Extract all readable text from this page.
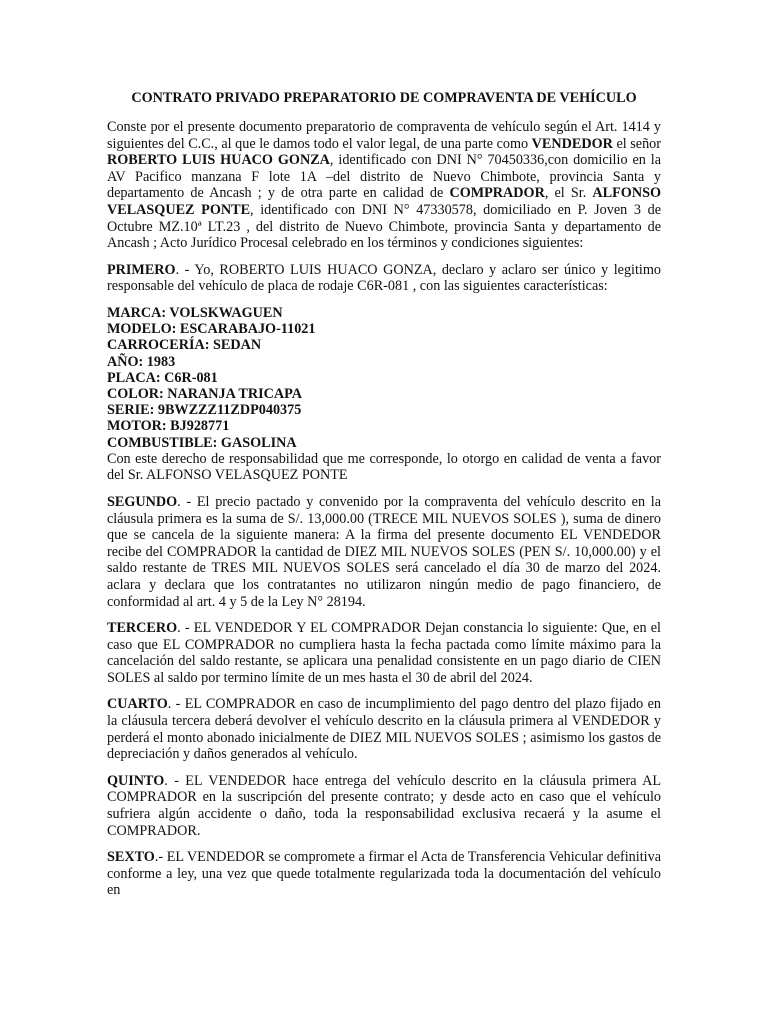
CONTRATO PRIVADO PREPARATORIO DE COMPRAVENTA DE VEHÍCULO

Conste por el presente documento preparatorio de compraventa de vehículo según el Art. 1414 y siguientes del C.C., al que le damos todo el valor legal, de una parte como VENDEDOR el señor ROBERTO LUIS HUACO GONZA, identificado con DNI N° 70450336,con domicilio en la AV Pacifico manzana F lote 1A –del distrito de Nuevo Chimbote, provincia Santa y departamento de Ancash ; y de otra parte en calidad de COMPRADOR, el Sr. ALFONSO VELASQUEZ PONTE, identificado con DNI N° 47330578, domiciliado en P. Joven 3 de Octubre MZ.10ª LT.23 , del distrito de Nuevo Chimbote, provincia Santa y departamento de Ancash ; Acto Jurídico Procesal celebrado en los términos y condiciones siguientes:

PRIMERO. - Yo, ROBERTO LUIS HUACO GONZA, declaro y aclaro ser único y legitimo responsable del vehículo de placa de rodaje C6R-081 , con las siguientes características:

MARCA: VOLSKWAGUEN
MODELO: ESCARABAJO-11021
CARROCERÍA: SEDAN
AÑO: 1983
PLACA: C6R-081
COLOR: NARANJA TRICAPA
SERIE: 9BWZZZ11ZDP040375
MOTOR: BJ928771
COMBUSTIBLE: GASOLINA

Con este derecho de responsabilidad que me corresponde, lo otorgo en calidad de venta a favor del Sr. ALFONSO VELASQUEZ PONTE

SEGUNDO. - El precio pactado y convenido por la compraventa del vehículo descrito en la cláusula primera es la suma de S/. 13,000.00 (TRECE MIL NUEVOS SOLES ), suma de dinero que se cancela de la siguiente manera: A la firma del presente documento EL VENDEDOR recibe del COMPRADOR la cantidad de DIEZ MIL NUEVOS SOLES (PEN S/. 10,000.00) y el saldo restante de TRES MIL NUEVOS SOLES será cancelado el día 30 de marzo del 2024. aclara y declara que los contratantes no utilizaron ningún medio de pago financiero, de conformidad al art. 4 y 5 de la Ley N° 28194.

TERCERO. - EL VENDEDOR Y EL COMPRADOR Dejan constancia lo siguiente: Que, en el caso que EL COMPRADOR no cumpliera hasta la fecha pactada como límite máximo para la cancelación del saldo restante, se aplicara una penalidad consistente en un pago diario de CIEN SOLES al saldo por termino límite de un mes hasta el 30 de abril del 2024.

CUARTO. - EL COMPRADOR en caso de incumplimiento del pago dentro del plazo fijado en la cláusula tercera deberá devolver el vehículo descrito en la cláusula primera al VENDEDOR y perderá el monto abonado inicialmente de DIEZ MIL NUEVOS SOLES ; asimismo los gastos de depreciación y daños generados al vehículo.

QUINTO. - EL VENDEDOR hace entrega del vehículo descrito en la cláusula primera AL COMPRADOR en la suscripción del presente contrato; y desde acto en caso que el vehículo sufriera algún accidente o daño, toda la responsabilidad exclusiva recaerá y la asume el COMPRADOR.

SEXTO.- EL VENDEDOR se compromete a firmar el Acta de Transferencia Vehicular definitiva conforme a ley, una vez que quede totalmente regularizada toda la documentación del vehículo en
